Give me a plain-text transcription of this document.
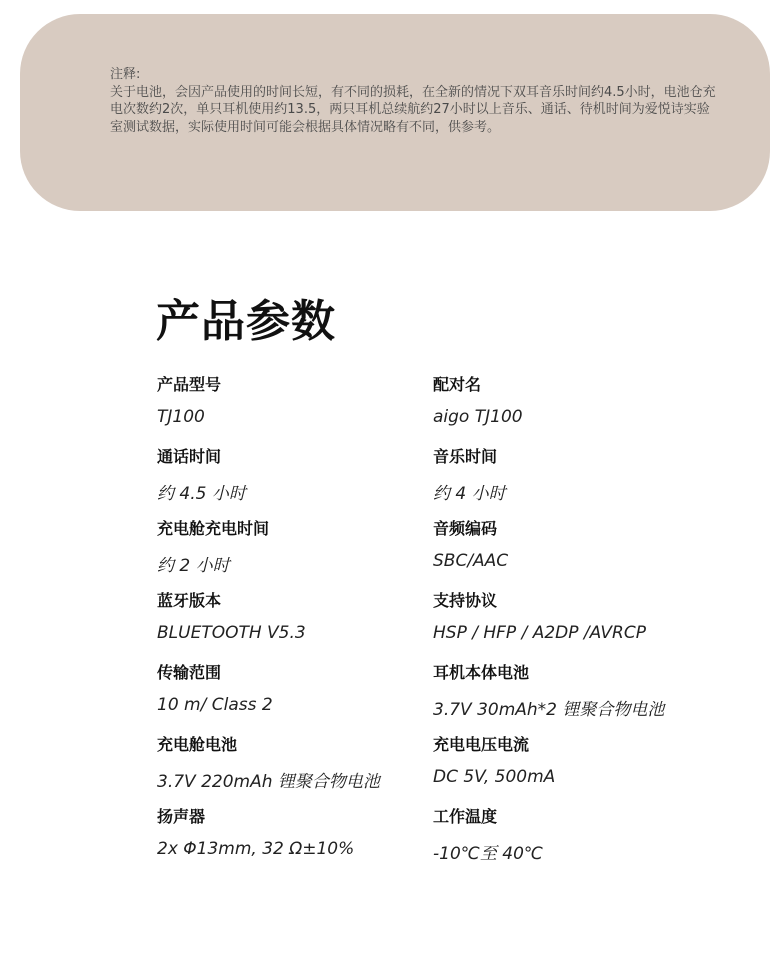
注释:
关于电池，会因产品使用的时间长短，有不同的损耗，在全新的情况下双耳音乐时间约4.5小时，电池仓充电次数约2次，单只耳机使用约13.5，两只耳机总续航约27小时以上音乐、通话、待机时间为爱悦诗实验室测试数据，实际使用时间可能会根据具体情况略有不同，供参考。
产品参数
产品型号
TJ100
配对名
aigo TJ100
通话时间
约 4.5 小时
音乐时间
约 4 小时
充电舱充电时间
约 2 小时
音频编码
SBC/AAC
蓝牙版本
BLUETOOTH V5.3
支持协议
HSP / HFP / A2DP /AVRCP
传输范围
10 m/ Class 2
耳机本体电池
3.7V 30mAh*2 锂聚合物电池
充电舱电池
3.7V 220mAh 锂聚合物电池
充电电压电流
DC 5V, 500mA
扬声器
2x Φ13mm, 32 Ω±10%
工作温度
-10℃至 40℃
